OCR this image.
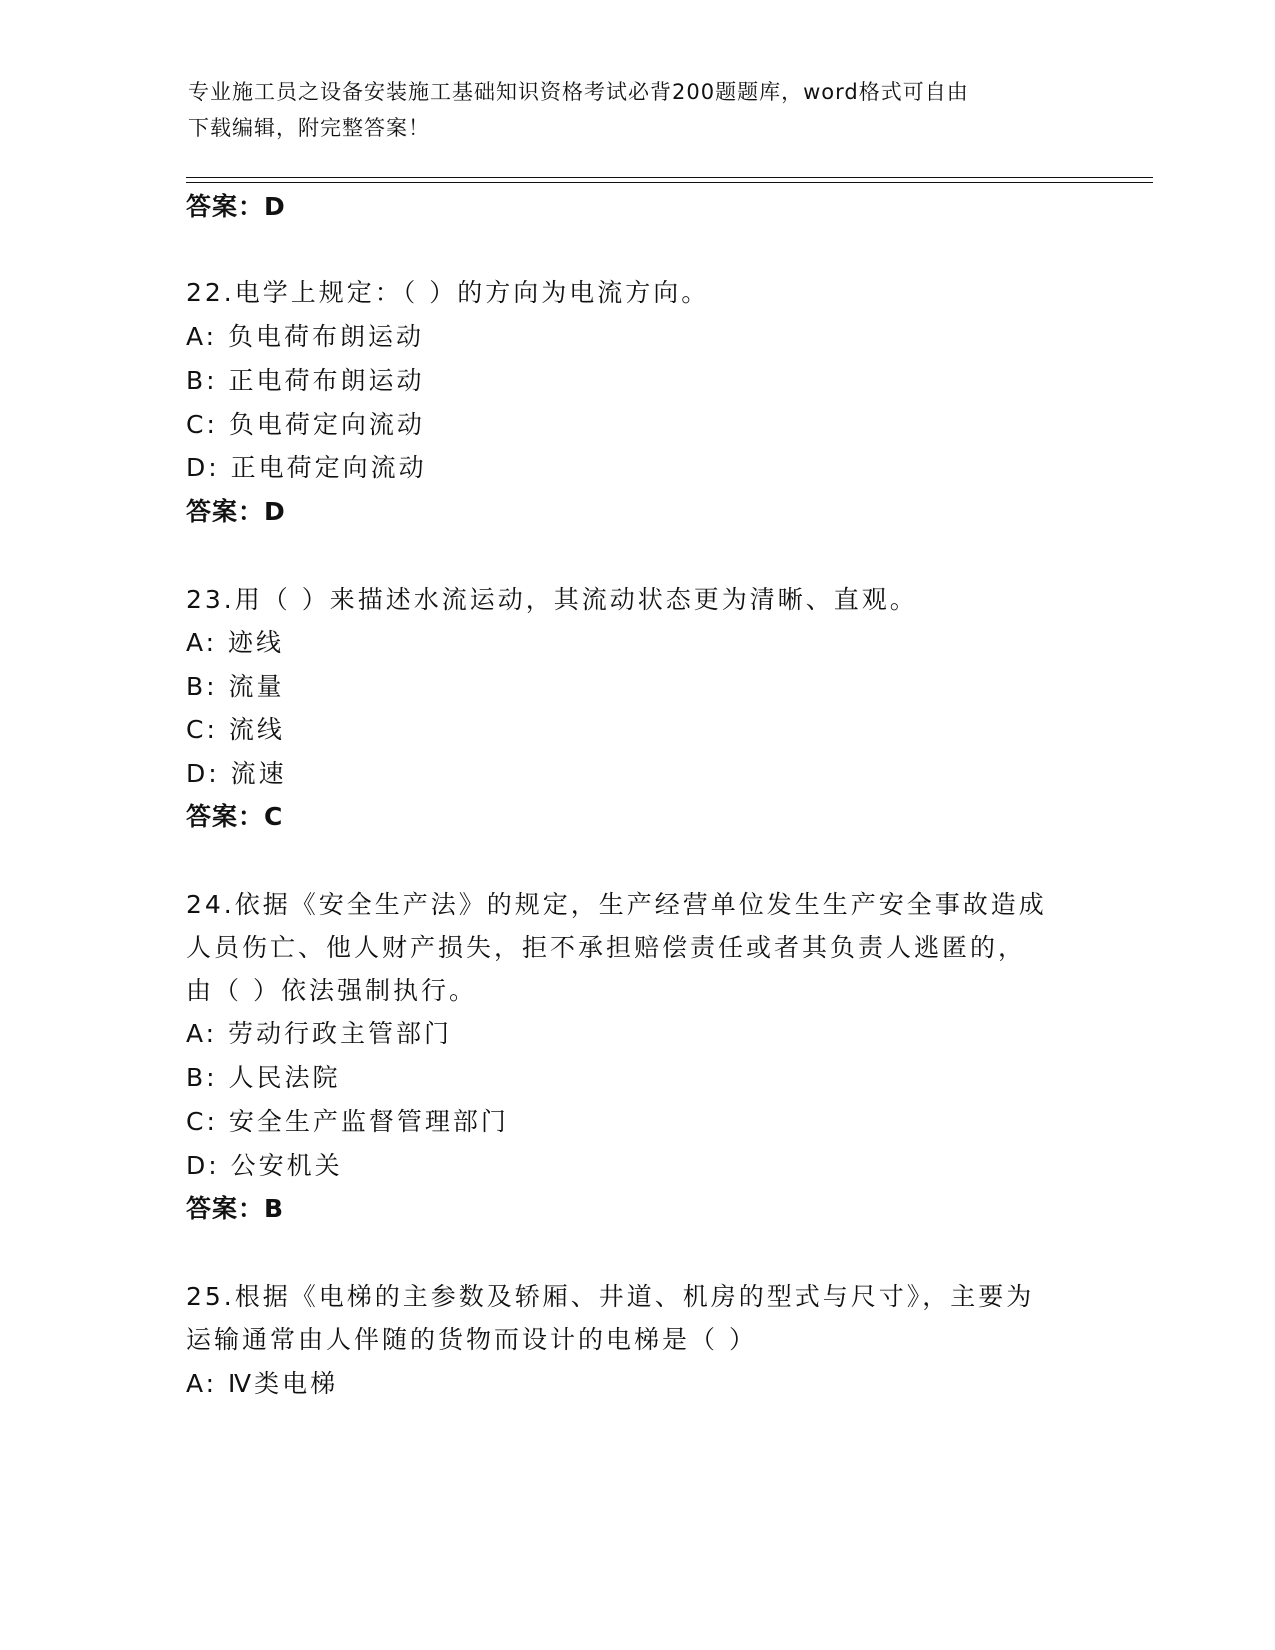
专业施工员之设备安装施工基础知识资格考试必背200题题库，word格式可自由
下载编辑，附完整答案！
答案：D
22.电学上规定：（ ）的方向为电流方向。
A: 负电荷布朗运动
B: 正电荷布朗运动
C: 负电荷定向流动
D: 正电荷定向流动
答案：D
23.用（ ）来描述水流运动，其流动状态更为清晰、直观。
A: 迹线
B: 流量
C: 流线
D: 流速
答案：C
24.依据《安全生产法》的规定，生产经营单位发生生产安全事故造成
人员伤亡、他人财产损失，拒不承担赔偿责任或者其负责人逃匿的，
由（ ）依法强制执行。
A: 劳动行政主管部门
B: 人民法院
C: 安全生产监督管理部门
D: 公安机关
答案：B
25.根据《电梯的主参数及轿厢、井道、机房的型式与尺寸》，主要为
运输通常由人伴随的货物而设计的电梯是（ ）
A: Ⅳ类电梯
